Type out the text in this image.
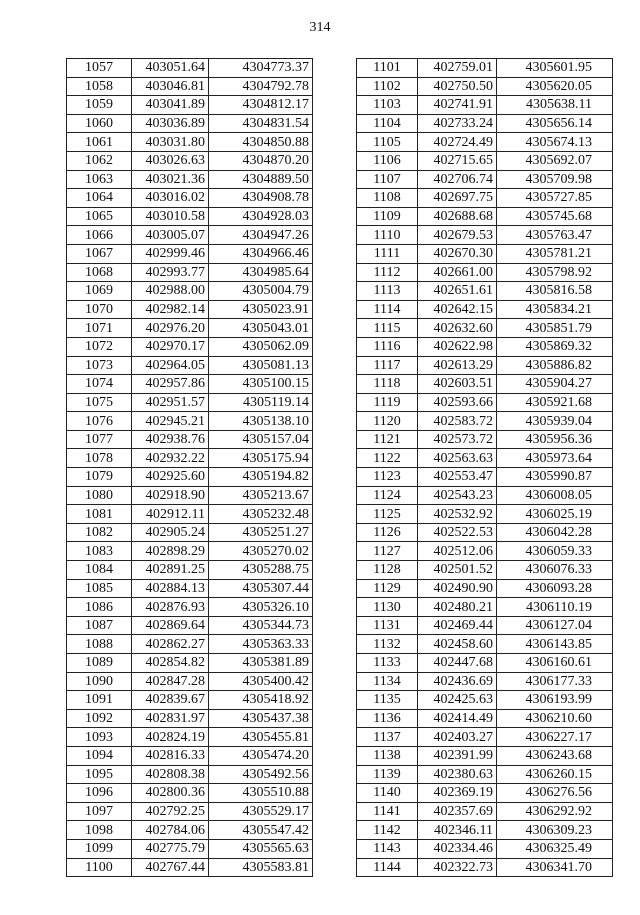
314
1057	403051.64	4304773.37
1058	403046.81	4304792.78
1059	403041.89	4304812.17
1060	403036.89	4304831.54
1061	403031.80	4304850.88
1062	403026.63	4304870.20
1063	403021.36	4304889.50
1064	403016.02	4304908.78
1065	403010.58	4304928.03
1066	403005.07	4304947.26
1067	402999.46	4304966.46
1068	402993.77	4304985.64
1069	402988.00	4305004.79
1070	402982.14	4305023.91
1071	402976.20	4305043.01
1072	402970.17	4305062.09
1073	402964.05	4305081.13
1074	402957.86	4305100.15
1075	402951.57	4305119.14
1076	402945.21	4305138.10
1077	402938.76	4305157.04
1078	402932.22	4305175.94
1079	402925.60	4305194.82
1080	402918.90	4305213.67
1081	402912.11	4305232.48
1082	402905.24	4305251.27
1083	402898.29	4305270.02
1084	402891.25	4305288.75
1085	402884.13	4305307.44
1086	402876.93	4305326.10
1087	402869.64	4305344.73
1088	402862.27	4305363.33
1089	402854.82	4305381.89
1090	402847.28	4305400.42
1091	402839.67	4305418.92
1092	402831.97	4305437.38
1093	402824.19	4305455.81
1094	402816.33	4305474.20
1095	402808.38	4305492.56
1096	402800.36	4305510.88
1097	402792.25	4305529.17
1098	402784.06	4305547.42
1099	402775.79	4305565.63
1100	402767.44	4305583.81
1101	402759.01	4305601.95
1102	402750.50	4305620.05
1103	402741.91	4305638.11
1104	402733.24	4305656.14
1105	402724.49	4305674.13
1106	402715.65	4305692.07
1107	402706.74	4305709.98
1108	402697.75	4305727.85
1109	402688.68	4305745.68
1110	402679.53	4305763.47
1111	402670.30	4305781.21
1112	402661.00	4305798.92
1113	402651.61	4305816.58
1114	402642.15	4305834.21
1115	402632.60	4305851.79
1116	402622.98	4305869.32
1117	402613.29	4305886.82
1118	402603.51	4305904.27
1119	402593.66	4305921.68
1120	402583.72	4305939.04
1121	402573.72	4305956.36
1122	402563.63	4305973.64
1123	402553.47	4305990.87
1124	402543.23	4306008.05
1125	402532.92	4306025.19
1126	402522.53	4306042.28
1127	402512.06	4306059.33
1128	402501.52	4306076.33
1129	402490.90	4306093.28
1130	402480.21	4306110.19
1131	402469.44	4306127.04
1132	402458.60	4306143.85
1133	402447.68	4306160.61
1134	402436.69	4306177.33
1135	402425.63	4306193.99
1136	402414.49	4306210.60
1137	402403.27	4306227.17
1138	402391.99	4306243.68
1139	402380.63	4306260.15
1140	402369.19	4306276.56
1141	402357.69	4306292.92
1142	402346.11	4306309.23
1143	402334.46	4306325.49
1144	402322.73	4306341.70
